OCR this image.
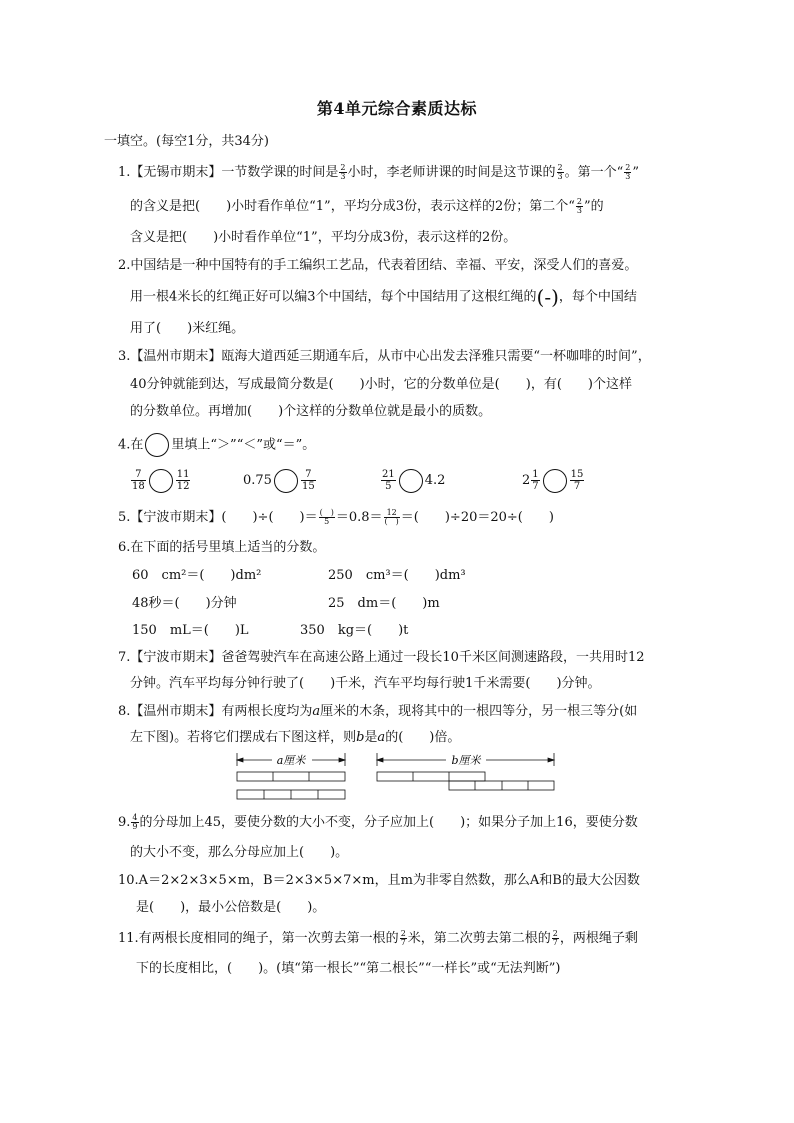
第4单元综合素质达标
一填空。(每空1分，共34分)
1.【无锡市期末】一节数学课的时间是 $\frac{2}{3}$ 小时，李老师讲课的时间是这节课的 $\frac{2}{3}$ 。第一个“ $\frac{2}{3}$ ”
的含义是把(　　)小时看作单位“1”，平均分成3份，表示这样的2份；第二个“ $\frac{2}{3}$ ”的
含义是把(　　)小时看作单位“1”，平均分成3份，表示这样的2份。
2.中国结是一种中国特有的手工编织工艺品，代表着团结、幸福、平安，深受人们的喜爱。
用一根4米长的红绳正好可以编3个中国结，每个中国结用了这根红绳的(-)，每个中国结
用了(　　)米红绳。
3.【温州市期末】瓯海大道西延三期通车后，从市中心出发去泽雅只需要“一杯咖啡的时间”，
40分钟就能到达，写成最简分数是(　　)小时，它的分数单位是(　　)，有(　　)个这样
的分数单位。再增加(　　)个这样的分数单位就是最小的质数。
4.在 里填上“＞”“＜”或“＝”。
$\frac{7}{18}$	$\frac{11}{12}$	0.75	$\frac{7}{15}$	$\frac{21}{5} 4.2$	$2 \frac{1}{7}$	$\frac{15}{7}$
5.【宁波市期末】(　　)÷(　　)＝ $\frac{( )}{5} =0.8= \frac{12}{( )}$ ＝(　　)÷20＝20÷(　　)
6.在下面的括号里填上适当的分数。
60　cm²＝(　　)dm²	250　cm³＝(　　)dm³
48秒＝(　　)分钟	25　dm＝(　　)m
150　mL＝(　　)L	350　kg＝(　　)t
7.【宁波市期末】爸爸驾驶汽车在高速公路上通过一段长10千米区间测速路段，一共用时12
分钟。汽车平均每分钟行驶了(　　)千米，汽车平均每行驶1千米需要(　　)分钟。
8.【温州市期末】有两根长度均为a厘米的木条，现将其中的一根四等分，另一根三等分(如
左下图)。若将它们摆成右下图这样，则b是a的(　　)倍。
a厘米	b厘米
9. $\frac{4}{9}$ 的分母加上45，要使分数的大小不变，分子应加上(　　)；如果分子加上16，要使分数
的大小不变，那么分母应加上(　　)。
10.A＝2×2×3×5×m，B＝2×3×5×7×m，且m为非零自然数，那么A和B的最大公因数
是(　　)，最小公倍数是(　　)。
11.有两根长度相同的绳子，第一次剪去第一根的 $\frac{2}{7}$ 米，第二次剪去第二根的 $\frac{2}{7}$ ，两根绳子剩
下的长度相比，(　　)。(填“第一根长”“第二根长”“一样长”或“无法判断”)
